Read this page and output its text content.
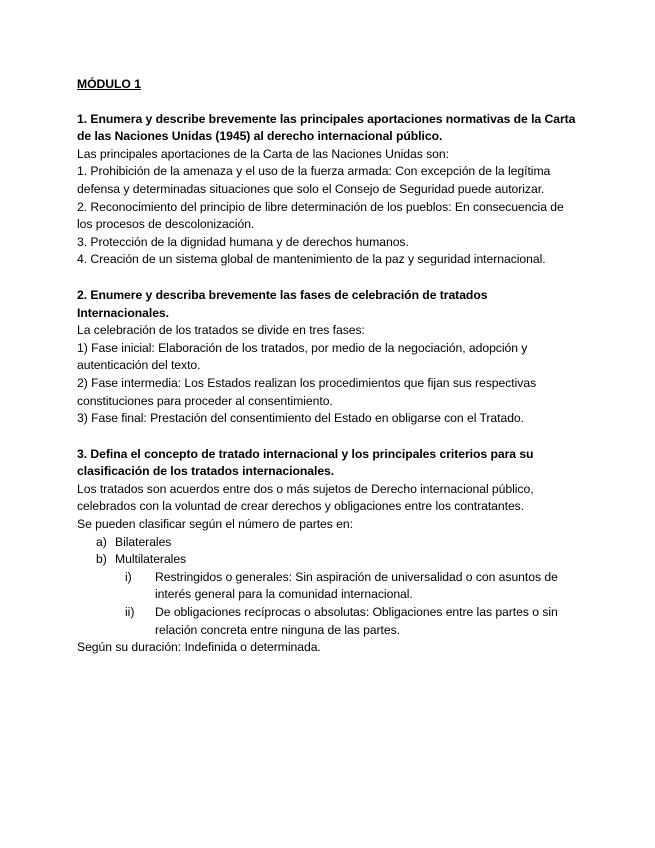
MÓDULO 1

1. Enumera y describe brevemente las principales aportaciones normativas de la Carta de las Naciones Unidas (1945) al derecho internacional público.

Las principales aportaciones de la Carta de las Naciones Unidas son:

1. Prohibición de la amenaza y el uso de la fuerza armada: Con excepción de la legítima defensa y determinadas situaciones que solo el Consejo de Seguridad puede autorizar.

2. Reconocimiento del principio de libre determinación de los pueblos: En consecuencia de los procesos de descolonización.

3. Protección de la dignidad humana y de derechos humanos.

4. Creación de un sistema global de mantenimiento de la paz y seguridad internacional.

2. Enumere y describa brevemente las fases de celebración de tratados Internacionales.

La celebración de los tratados se divide en tres fases:

1) Fase inicial: Elaboración de los tratados, por medio de la negociación, adopción y autenticación del texto.

2) Fase intermedia: Los Estados realizan los procedimientos que fijan sus respectivas constituciones para proceder al consentimiento.

3) Fase final: Prestación del consentimiento del Estado en obligarse con el Tratado.

3. Defina el concepto de tratado internacional y los principales criterios para su clasificación de los tratados internacionales.

Los tratados son acuerdos entre dos o más sujetos de Derecho internacional público, celebrados con la voluntad de crear derechos y obligaciones entre los contratantes.

Se pueden clasificar según el número de partes en:

a) Bilaterales
b) Multilaterales
i) Restringidos o generales: Sin aspiración de universalidad o con asuntos de interés general para la comunidad internacional.
ii) De obligaciones recíprocas o absolutas: Obligaciones entre las partes o sin relación concreta entre ninguna de las partes.

Según su duración: Indefinida o determinada.
